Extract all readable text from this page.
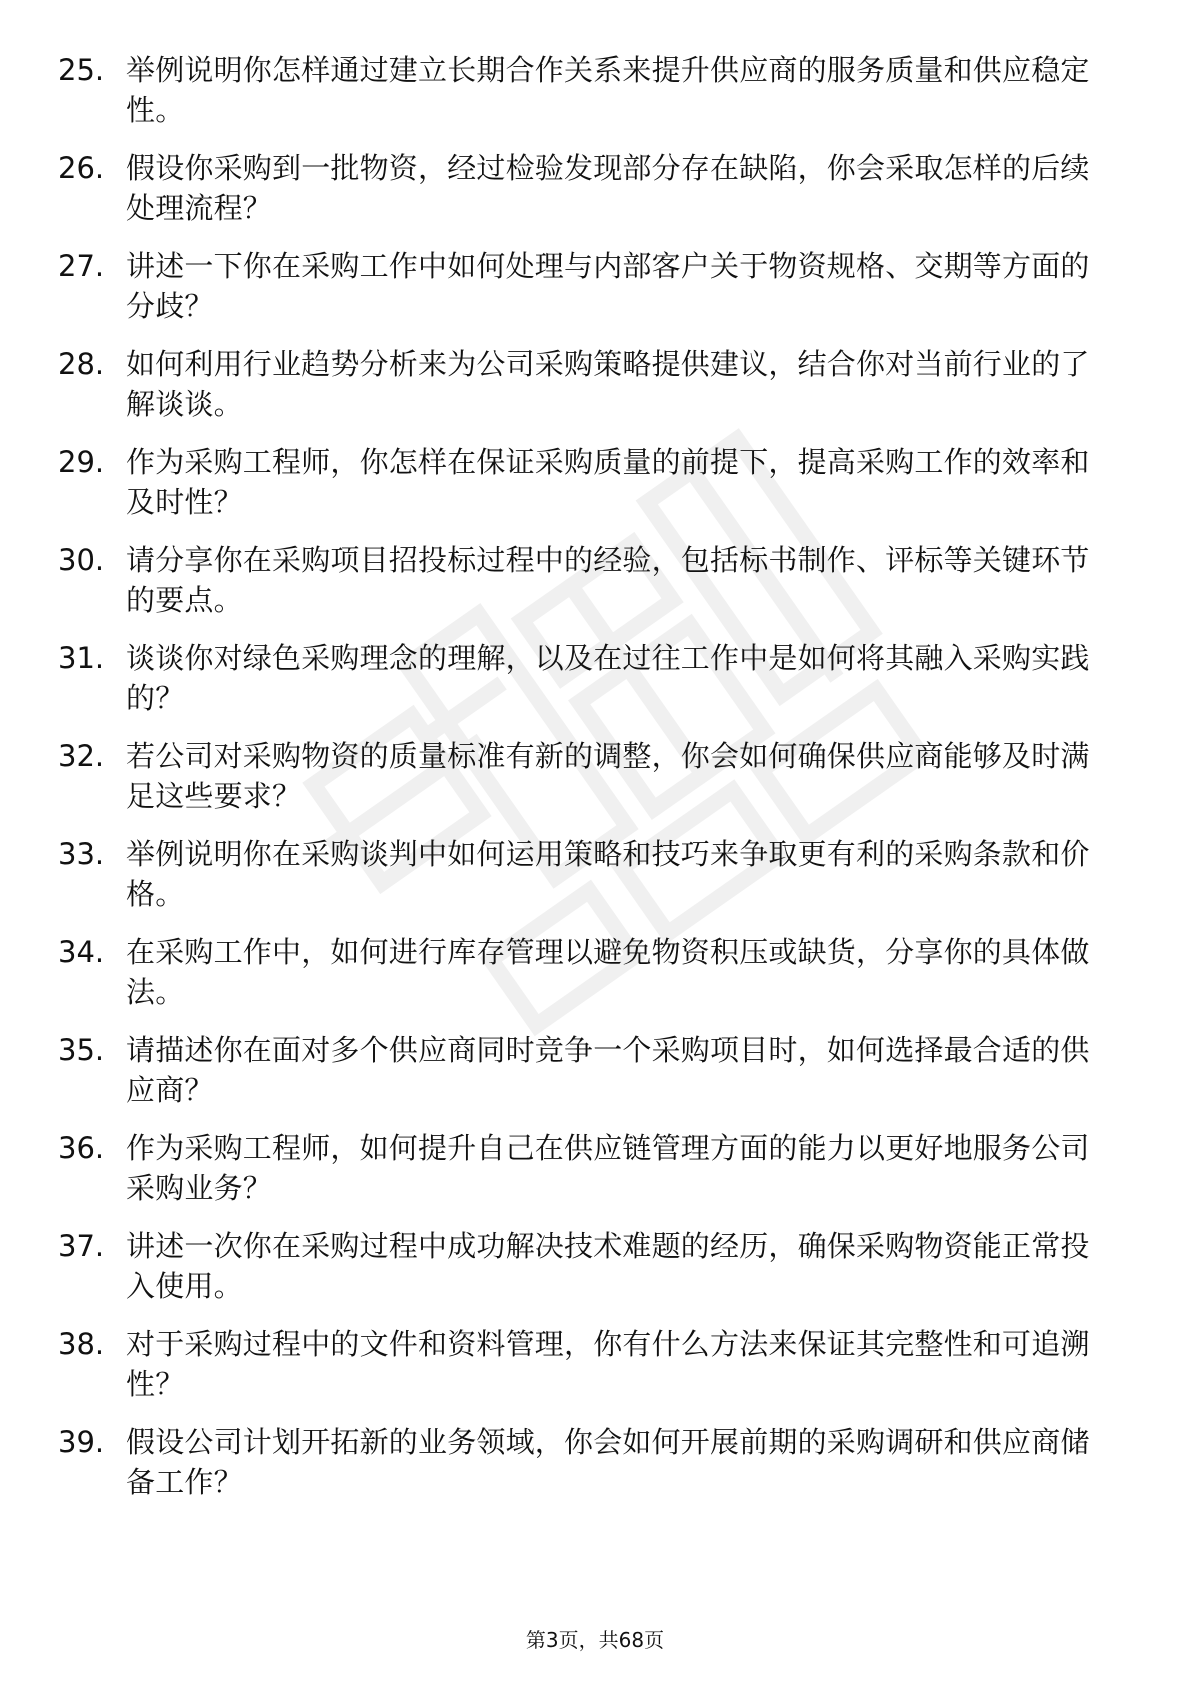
25. 举例说明你怎样通过建立长期合作关系来提升供应商的服务质量和供应稳定性。
26. 假设你采购到一批物资，经过检验发现部分存在缺陷，你会采取怎样的后续处理流程？
27. 讲述一下你在采购工作中如何处理与内部客户关于物资规格、交期等方面的分歧？
28. 如何利用行业趋势分析来为公司采购策略提供建议，结合你对当前行业的了解谈谈。
29. 作为采购工程师，你怎样在保证采购质量的前提下，提高采购工作的效率和及时性？
30. 请分享你在采购项目招投标过程中的经验，包括标书制作、评标等关键环节的要点。
31. 谈谈你对绿色采购理念的理解，以及在过往工作中是如何将其融入采购实践的？
32. 若公司对采购物资的质量标准有新的调整，你会如何确保供应商能够及时满足这些要求？
33. 举例说明你在采购谈判中如何运用策略和技巧来争取更有利的采购条款和价格。
34. 在采购工作中，如何进行库存管理以避免物资积压或缺货，分享你的具体做法。
35. 请描述你在面对多个供应商同时竞争一个采购项目时，如何选择最合适的供应商？
36. 作为采购工程师，如何提升自己在供应链管理方面的能力以更好地服务公司采购业务？
37. 讲述一次你在采购过程中成功解决技术难题的经历，确保采购物资能正常投入使用。
38. 对于采购过程中的文件和资料管理，你有什么方法来保证其完整性和可追溯性？
39. 假设公司计划开拓新的业务领域，你会如何开展前期的采购调研和供应商储备工作？
第3页，共68页
